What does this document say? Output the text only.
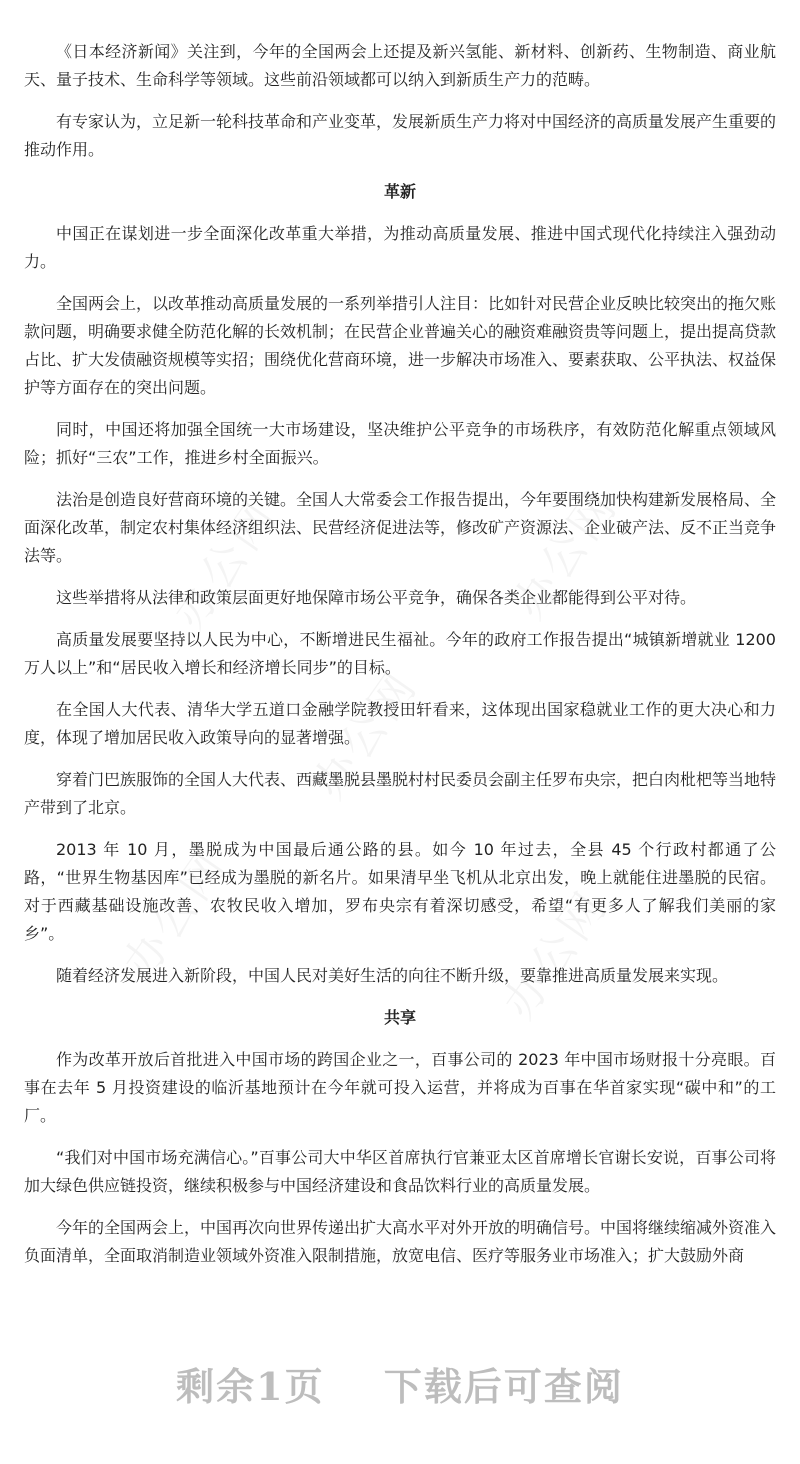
《日本经济新闻》关注到，今年的全国两会上还提及新兴氢能、新材料、创新药、生物制造、商业航天、量子技术、生命科学等领域。这些前沿领域都可以纳入到新质生产力的范畴。

有专家认为，立足新一轮科技革命和产业变革，发展新质生产力将对中国经济的高质量发展产生重要的推动作用。

革新

中国正在谋划进一步全面深化改革重大举措，为推动高质量发展、推进中国式现代化持续注入强劲动力。

全国两会上，以改革推动高质量发展的一系列举措引人注目：比如针对民营企业反映比较突出的拖欠账款问题，明确要求健全防范化解的长效机制；在民营企业普遍关心的融资难融资贵等问题上，提出提高贷款占比、扩大发债融资规模等实招；围绕优化营商环境，进一步解决市场准入、要素获取、公平执法、权益保护等方面存在的突出问题。

同时，中国还将加强全国统一大市场建设，坚决维护公平竞争的市场秩序，有效防范化解重点领域风险；抓好“三农”工作，推进乡村全面振兴。

法治是创造良好营商环境的关键。全国人大常委会工作报告提出，今年要围绕加快构建新发展格局、全面深化改革，制定农村集体经济组织法、民营经济促进法等，修改矿产资源法、企业破产法、反不正当竞争法等。

这些举措将从法律和政策层面更好地保障市场公平竞争，确保各类企业都能得到公平对待。

高质量发展要坚持以人民为中心，不断增进民生福祉。今年的政府工作报告提出“城镇新增就业 1200 万人以上”和“居民收入增长和经济增长同步”的目标。

在全国人大代表、清华大学五道口金融学院教授田轩看来，这体现出国家稳就业工作的更大决心和力度，体现了增加居民收入政策导向的显著增强。

穿着门巴族服饰的全国人大代表、西藏墨脱县墨脱村村民委员会副主任罗布央宗，把白肉枇杷等当地特产带到了北京。

2013 年 10 月，墨脱成为中国最后通公路的县。如今 10 年过去，全县 45 个行政村都通了公路，“世界生物基因库”已经成为墨脱的新名片。如果清早坐飞机从北京出发，晚上就能住进墨脱的民宿。对于西藏基础设施改善、农牧民收入增加，罗布央宗有着深切感受，希望“有更多人了解我们美丽的家乡”。

随着经济发展进入新阶段，中国人民对美好生活的向往不断升级，要靠推进高质量发展来实现。

共享

作为改革开放后首批进入中国市场的跨国企业之一，百事公司的 2023 年中国市场财报十分亮眼。百事在去年 5 月投资建设的临沂基地预计在今年就可投入运营，并将成为百事在华首家实现“碳中和”的工厂。

“我们对中国市场充满信心。”百事公司大中华区首席执行官兼亚太区首席增长官谢长安说，百事公司将加大绿色供应链投资，继续积极参与中国经济建设和食品饮料行业的高质量发展。

今年的全国两会上，中国再次向世界传递出扩大高水平对外开放的明确信号。中国将继续缩减外资准入负面清单，全面取消制造业领域外资准入限制措施，放宽电信、医疗等服务业市场准入；扩大鼓励外商

剩余1页 下载后可查阅
